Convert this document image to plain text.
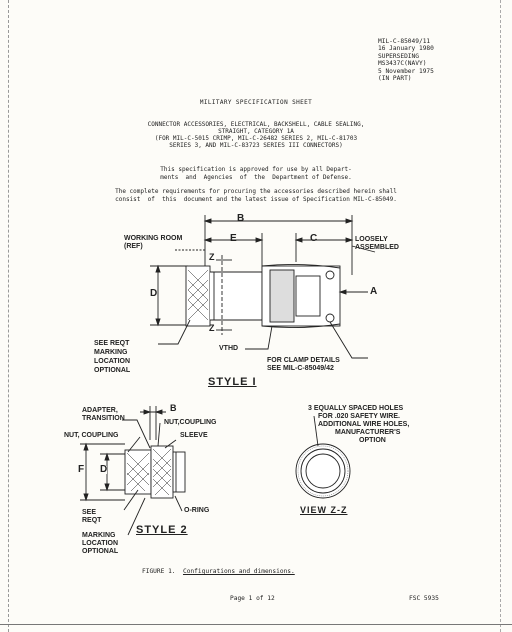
MIL-C-85049/11
16 January 1980
SUPERSEDING
MS3437C(NAVY)
5 November 1975
(IN PART)
MILITARY SPECIFICATION SHEET
CONNECTOR ACCESSORIES, ELECTRICAL, BACKSHELL, CABLE SEALING,
STRAIGHT, CATEGORY 1A
(FOR MIL-C-5015 CRIMP, MIL-C-26482 SERIES 2, MIL-C-81703
SERIES 3, AND MIL-C-83723 SERIES III CONNECTORS)
This specification is approved for use by all Depart-
ments  and  Agencies  of  the  Department of Defense.
The complete requirements for procuring the accessories described herein shall
consist  of  this  document and the latest issue of Specification MIL-C-85049.
B
E	C
D	A
WORKING ROOM
(REF)
LOOSELY
ASSEMBLED
Z
Z
SEE REQT
MARKING
LOCATION
OPTIONAL
VTHD
FOR CLAMP DETAILS
SEE MIL-C-85049/42
STYLE I
ADAPTER,
TRANSITION
B
NUT,COUPLING
NUT, COUPLING	SLEEVE
F D
SEE
REQT
MARKING
LOCATION
OPTIONAL
O-RING
STYLE 2
3 EQUALLY SPACED HOLES
FOR .020 SAFETY WIRE.
ADDITIONAL WIRE HOLES,
MANUFACTURER'S
OPTION
VIEW Z-Z
FIGURE 1. Configurations and dimensions.
Page 1 of 12	FSC 5935
